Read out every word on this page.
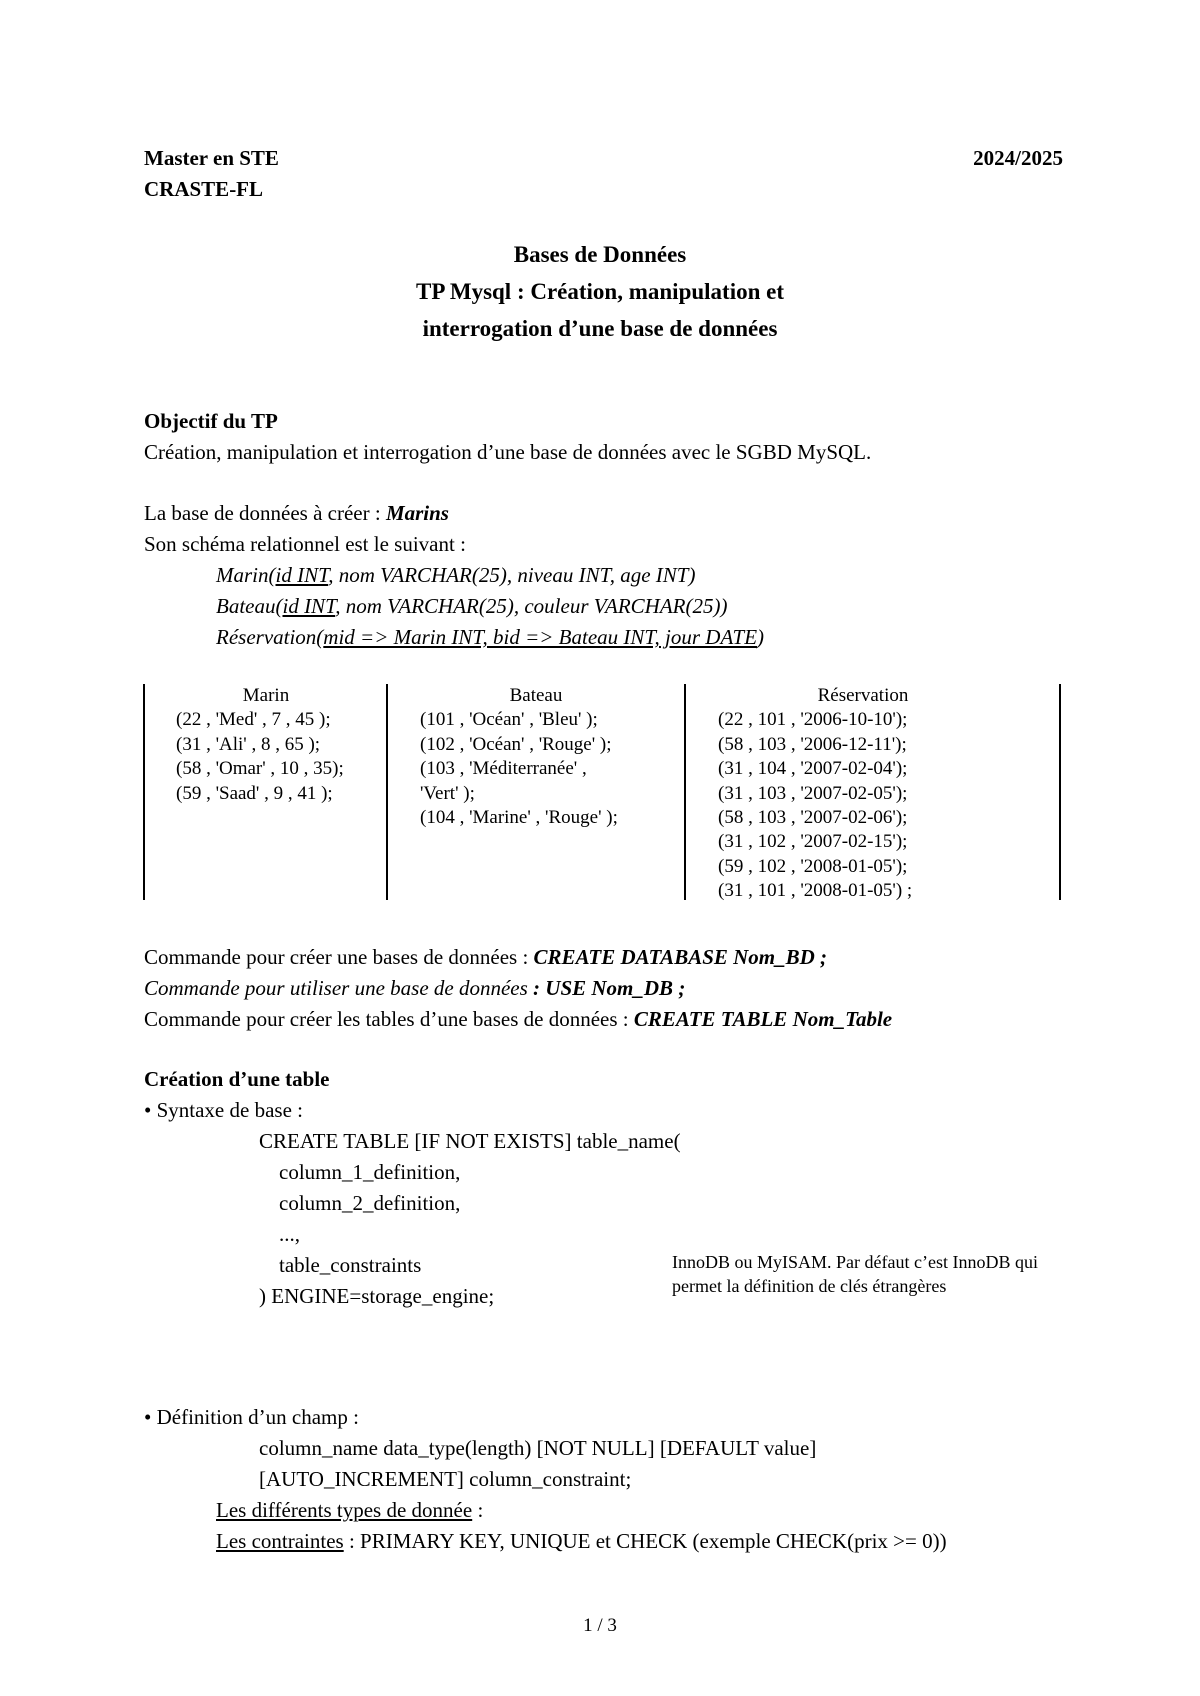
Master en STE	2024/2025
CRASTE-FL
Bases de Données
TP Mysql : Création, manipulation et
interrogation d’une base de données
Objectif du TP
Création, manipulation et interrogation d’une base de données avec le SGBD MySQL.
La base de données à créer : Marins
Son schéma relationnel est le suivant :
Marin(id INT, nom VARCHAR(25), niveau INT, age INT)
Bateau(id INT, nom VARCHAR(25), couleur VARCHAR(25))
Réservation(mid => Marin INT, bid => Bateau INT, jour DATE)
Marin
(22 , 'Med' , 7 , 45 );
(31 , 'Ali' , 8 , 65 );
(58 , 'Omar' , 10 , 35);
(59 , 'Saad' , 9 , 41 );
Bateau
(101 , 'Océan' , 'Bleu' );
(102 , 'Océan' , 'Rouge' );
(103 , 'Méditerranée' ,
'Vert' );
(104 , 'Marine' , 'Rouge' );
Réservation
(22 , 101 , '2006-10-10');
(58 , 103 , '2006-12-11');
(31 , 104 , '2007-02-04');
(31 , 103 , '2007-02-05');
(58 , 103 , '2007-02-06');
(31 , 102 , '2007-02-15');
(59 , 102 , '2008-01-05');
(31 , 101 , '2008-01-05') ;
Commande pour créer une bases de données : CREATE DATABASE Nom_BD ;
Commande pour utiliser une base de données : USE Nom_DB ;
Commande pour créer les tables d’une bases de données : CREATE TABLE Nom_Table
Création d’une table
• Syntaxe de base :
CREATE TABLE [IF NOT EXISTS] table_name(
column_1_definition,
column_2_definition,
...,
table_constraints
) ENGINE=storage_engine;
InnoDB ou MyISAM. Par défaut c’est InnoDB qui
permet la définition de clés étrangères
• Définition d’un champ :
column_name data_type(length) [NOT NULL] [DEFAULT value]
[AUTO_INCREMENT] column_constraint;
Les différents types de donnée :
Les contraintes : PRIMARY KEY, UNIQUE et CHECK (exemple CHECK(prix >= 0))
1 / 3
